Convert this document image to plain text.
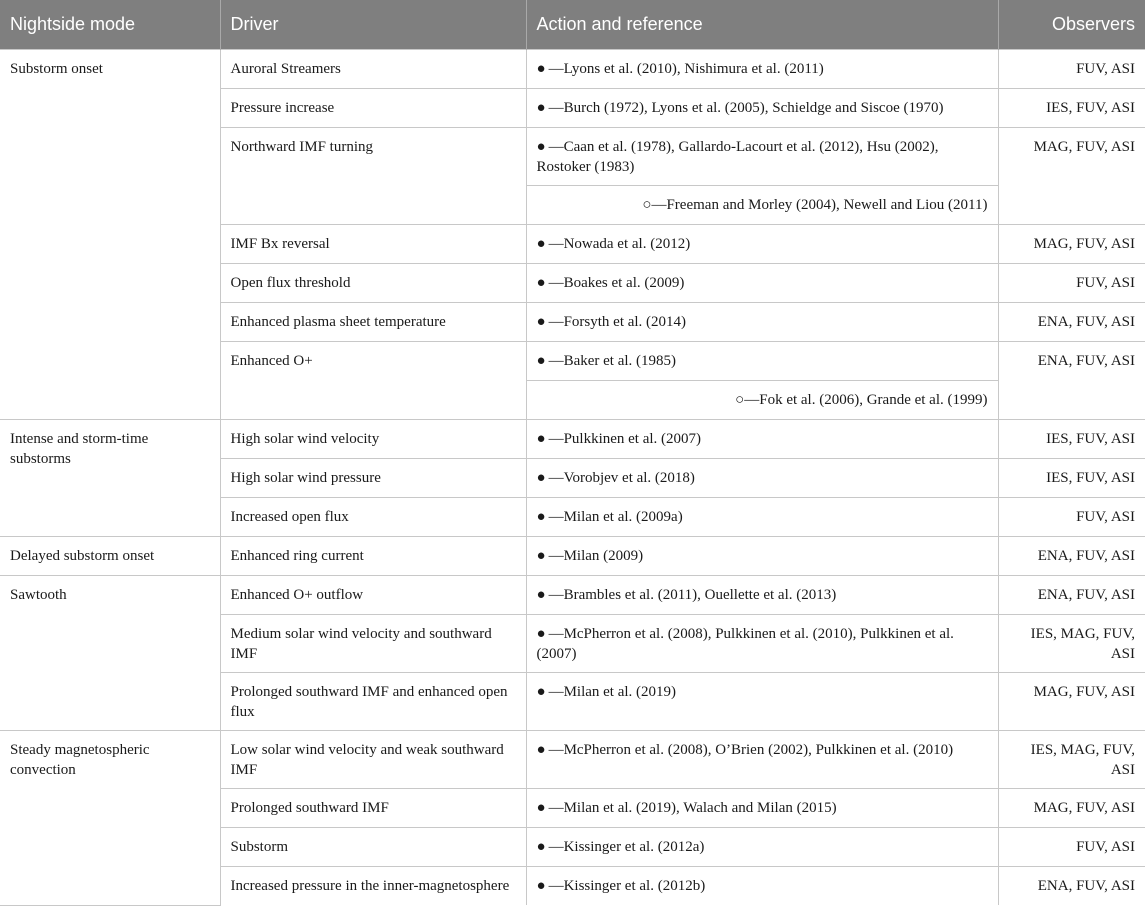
Nightside mode	Driver	Action and reference	Observers
Substorm onset	Auroral Streamers	● —Lyons et al. (2010), Nishimura et al. (2011)	FUV, ASI
	Pressure increase	● —Burch (1972), Lyons et al. (2005), Schieldge and Siscoe (1970)	IES, FUV, ASI
	Northward IMF turning	● —Caan et al. (1978), Gallardo-Lacourt et al. (2012), Hsu (2002), Rostoker (1983)	MAG, FUV, ASI
		○—Freeman and Morley (2004), Newell and Liou (2011)	
	IMF Bx reversal	● —Nowada et al. (2012)	MAG, FUV, ASI
	Open flux threshold	● —Boakes et al. (2009)	FUV, ASI
	Enhanced plasma sheet temperature	● —Forsyth et al. (2014)	ENA, FUV, ASI
	Enhanced O+	● —Baker et al. (1985)	ENA, FUV, ASI
		○—Fok et al. (2006), Grande et al. (1999)	
Intense and storm-time substorms	High solar wind velocity	● —Pulkkinen et al. (2007)	IES, FUV, ASI
	High solar wind pressure	● —Vorobjev et al. (2018)	IES, FUV, ASI
	Increased open flux	● —Milan et al. (2009a)	FUV, ASI
Delayed substorm onset	Enhanced ring current	● —Milan (2009)	ENA, FUV, ASI
Sawtooth	Enhanced O+ outflow	● —Brambles et al. (2011), Ouellette et al. (2013)	ENA, FUV, ASI
	Medium solar wind velocity and southward IMF	● —McPherron et al. (2008), Pulkkinen et al. (2010), Pulkkinen et al. (2007)	IES, MAG, FUV, ASI
	Prolonged southward IMF and enhanced open flux	● —Milan et al. (2019)	MAG, FUV, ASI
Steady magnetospheric convection	Low solar wind velocity and weak southward IMF	● —McPherron et al. (2008), O’Brien (2002), Pulkkinen et al. (2010)	IES, MAG, FUV, ASI
	Prolonged southward IMF	● —Milan et al. (2019), Walach and Milan (2015)	MAG, FUV, ASI
	Substorm	● —Kissinger et al. (2012a)	FUV, ASI
	Increased pressure in the inner-magnetosphere	● —Kissinger et al. (2012b)	ENA, FUV, ASI
